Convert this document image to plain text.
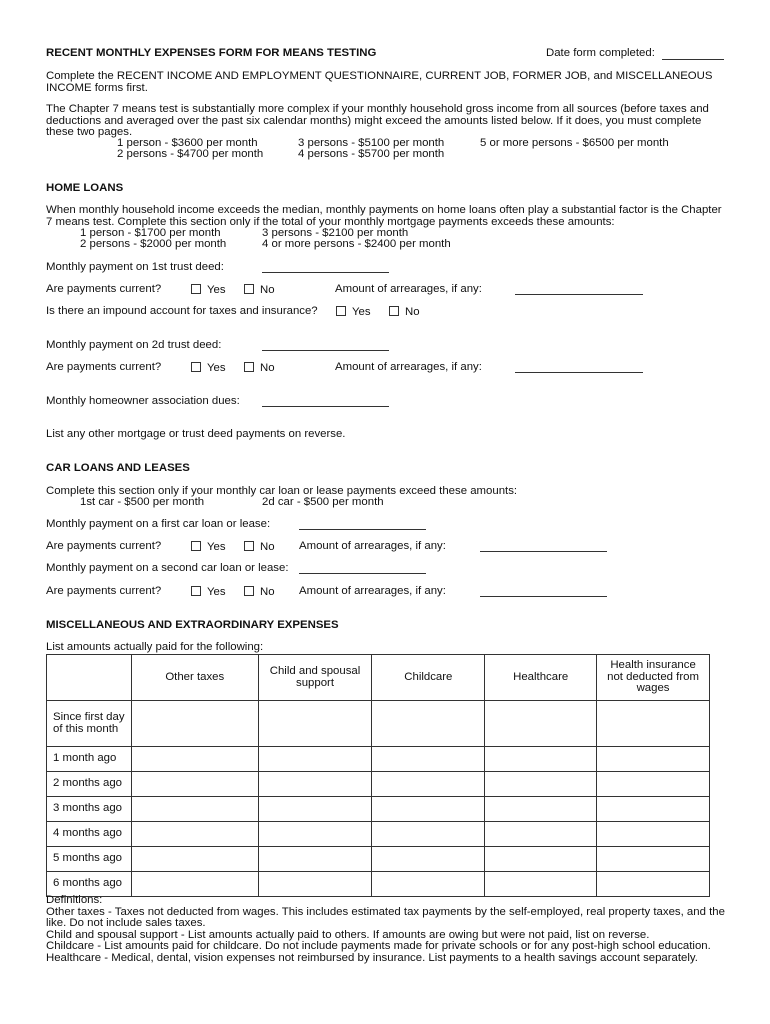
RECENT MONTHLY EXPENSES FORM FOR MEANS TESTING	Date form completed:
Complete the RECENT INCOME AND EMPLOYMENT QUESTIONNAIRE, CURRENT JOB, FORMER JOB, and MISCELLANEOUS INCOME forms first.
The Chapter 7 means test is substantially more complex if your monthly household gross income from all sources (before taxes and deductions and averaged over the past six calendar months) might exceed the amounts listed below. If it does, you must complete these two pages.
1 person - $3600 per month
2 persons - $4700 per month
3 persons - $5100 per month
4 persons - $5700 per month
5 or more persons - $6500 per month
HOME LOANS
When monthly household income exceeds the median, monthly payments on home loans often play a substantial factor is the Chapter 7 means test. Complete this section only if the total of your monthly mortgage payments exceeds these amounts:
1 person - $1700 per month
2 persons - $2000 per month
3 persons - $2100 per month
4 or more persons - $2400 per month
Monthly payment on 1st trust deed:
Are payments current?	Yes	No	Amount of arrearages, if any:
Is there an impound account for taxes and insurance?	Yes	No
Monthly payment on 2d trust deed:
Are payments current?	Yes	No	Amount of arrearages, if any:
Monthly homeowner association dues:
List any other mortgage or trust deed payments on reverse.
CAR LOANS AND LEASES
Complete this section only if your monthly car loan or lease payments exceed these amounts:
1st car - $500 per month	2d car - $500 per month
Monthly payment on a first car loan or lease:
Are payments current?	Yes	No Amount of arrearages, if any:
Monthly payment on a second car loan or lease:
Are payments current?	Yes	No Amount of arrearages, if any:
MISCELLANEOUS AND EXTRAORDINARY EXPENSES
List amounts actually paid for the following:
	Other taxes	Child and spousal support	Childcare	Healthcare	Health insurance not deducted from wages
Since first day of this month					
1 month ago					
2 months ago					
3 months ago					
4 months ago					
5 months ago					
6 months ago					
Definitions:
Other taxes - Taxes not deducted from wages. This includes estimated tax payments by the self-employed, real property taxes, and the like. Do not include sales taxes.
Child and spousal support - List amounts actually paid to others. If amounts are owing but were not paid, list on reverse.
Childcare - List amounts paid for childcare. Do not include payments made for private schools or for any post-high school education.
Healthcare - Medical, dental, vision expenses not reimbursed by insurance. List payments to a health savings account separately.
